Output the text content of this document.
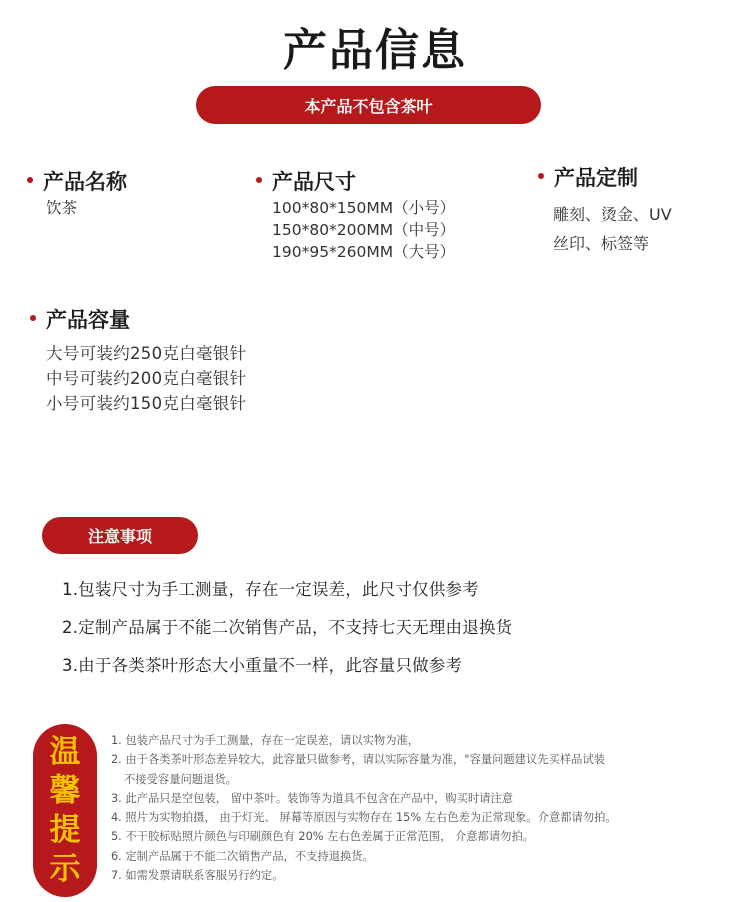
产品信息
本产品不包含茶叶
产品名称
饮茶
产品尺寸
100*80*150MM（小号）
150*80*200MM（中号）
190*95*260MM（大号）
产品定制
雕刻、烫金、UV
丝印、标签等
产品容量
大号可装约250克白毫银针
中号可装约200克白毫银针
小号可装约150克白毫银针
注意事项
1.包装尺寸为手工测量，存在一定误差，此尺寸仅供参考
2.定制产品属于不能二次销售产品，不支持七天无理由退换货
3.由于各类茶叶形态大小重量不一样，此容量只做参考
温
馨
提
示
1. 包装产品尺寸为手工测量，存在一定误差，请以实物为准，
2. 由于各类茶叶形态差异较大，此容量只做参考，请以实际容量为准，"容量问题建议先买样品试装
不接受容量问题退货。
3. 此产品只是空包装， 留中茶叶。装饰等为道具不包含在产品中，购买时请注意
4. 照片为实物拍摄， 由于灯光、 屏幕等原因与实物存在 15% 左右色差为正常现象。介意都请勿拍。
5. 不干胶标贴照片颜色与印刷颜色有 20% 左右色差属于正常范围， 介意都请勿拍。
6. 定制产品属于不能二次销售产品，不支持退换货。
7. 如需发票请联系客服另行约定。
